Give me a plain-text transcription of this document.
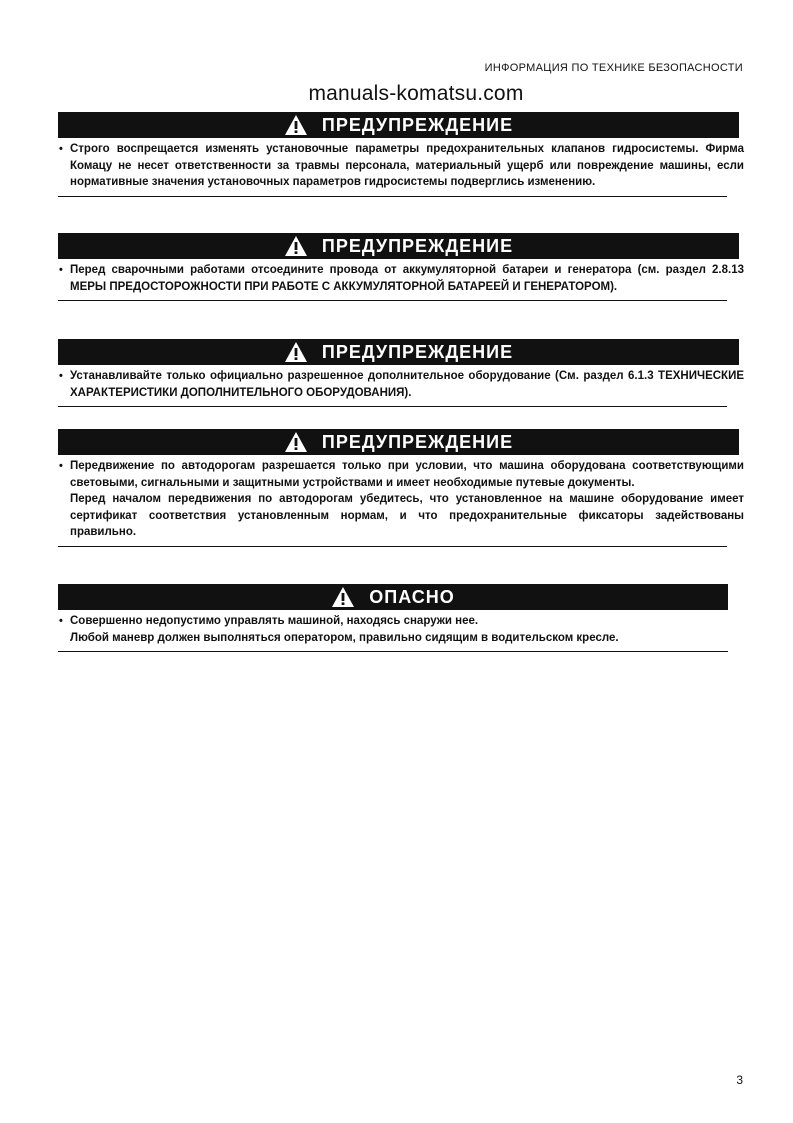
ИНФОРМАЦИЯ ПО ТЕХНИКЕ БЕЗОПАСНОСТИ
manuals-komatsu.com
ПРЕДУПРЕЖДЕНИЕ

• Строго воспрещается изменять установочные параметры предохранительных клапанов гидросистемы. Фирма Комацу не несет ответственности за травмы персонала, материальный ущерб или повреждение машины, если нормативные значения установочных параметров гидросистемы подверглись изменению.

ПРЕДУПРЕЖДЕНИЕ

• Перед сварочными работами отсоедините провода от аккумуляторной батареи и генератора (см. раздел 2.8.13 МЕРЫ ПРЕДОСТОРОЖНОСТИ ПРИ РАБОТЕ С АККУМУЛЯТОРНОЙ БАТАРЕЕЙ И ГЕНЕРАТОРОМ).

ПРЕДУПРЕЖДЕНИЕ

• Устанавливайте только официально разрешенное дополнительное оборудование (См. раздел 6.1.3 ТЕХНИЧЕСКИЕ ХАРАКТЕРИСТИКИ ДОПОЛНИТЕЛЬНОГО ОБОРУДОВАНИЯ).

ПРЕДУПРЕЖДЕНИЕ

• Передвижение по автодорогам разрешается только при условии, что машина оборудована соответствующими световыми, сигнальными и защитными устройствами и имеет необходимые путевые документы.

Перед началом передвижения по автодорогам убедитесь, что установленное на машине оборудование имеет сертификат соответствия установленным нормам, и что предохранительные фиксаторы задействованы правильно.

ОПАСНО

• Совершенно недопустимо управлять машиной, находясь снаружи нее.

Любой маневр должен выполняться оператором, правильно сидящим в водительском кресле.

3
